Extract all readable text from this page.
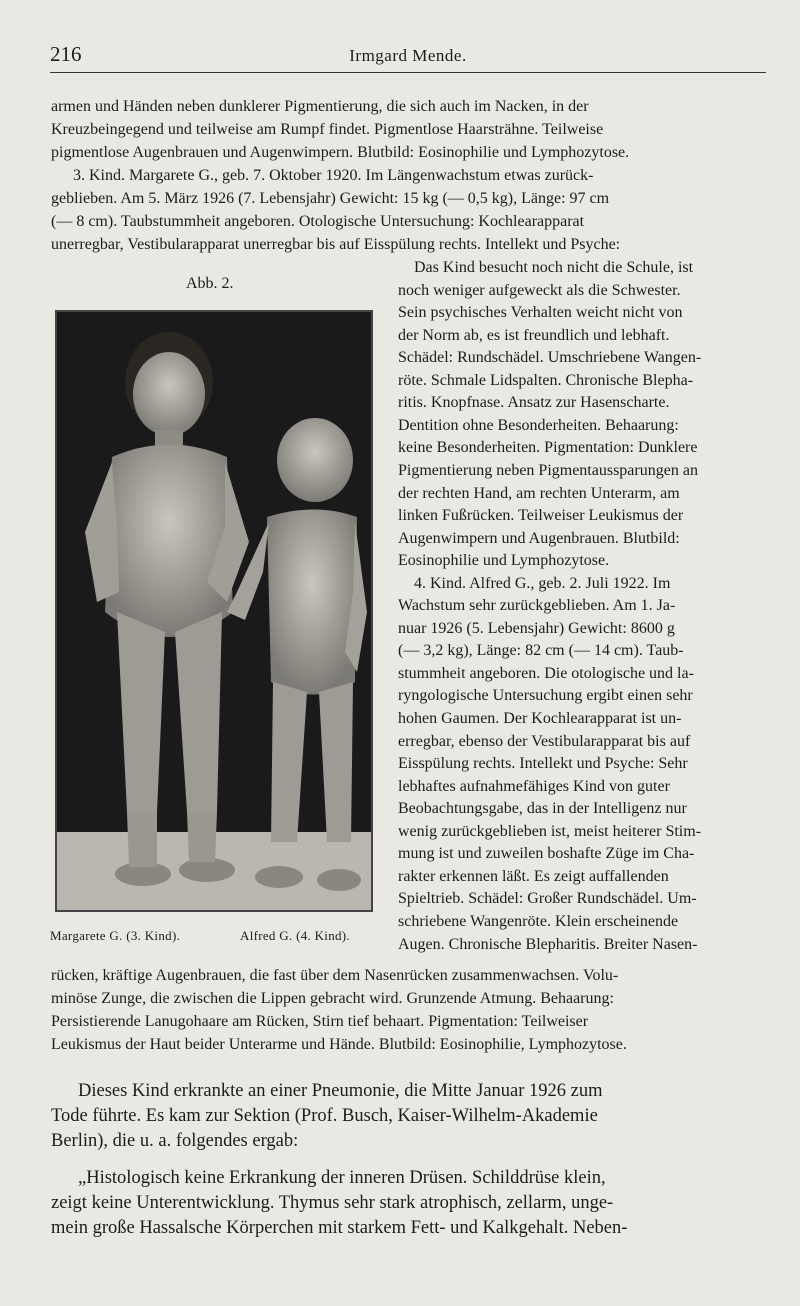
216	Irmgard Mende.
armen und Händen neben dunklerer Pigmentierung, die sich auch im Nacken, in der
Kreuzbeingegend und teilweise am Rumpf findet. Pigmentlose Haarsträhne. Teilweise
pigmentlose Augenbrauen und Augenwimpern. Blutbild: Eosinophilie und Lymphozytose.
3. Kind. Margarete G., geb. 7. Oktober 1920. Im Längenwachstum etwas zurück-
geblieben. Am 5. März 1926 (7. Lebensjahr) Gewicht: 15 kg (— 0,5 kg), Länge: 97 cm
(— 8 cm). Taubstummheit angeboren. Otologische Untersuchung: Kochlearapparat
unerregbar, Vestibularapparat unerregbar bis auf Eisspülung rechts. Intellekt und Psyche:
Abb. 2.
Margarete G. (3. Kind).	Alfred G. (4. Kind).
Das Kind besucht noch nicht die Schule, ist
noch weniger aufgeweckt als die Schwester.
Sein psychisches Verhalten weicht nicht von
der Norm ab, es ist freundlich und lebhaft.
Schädel: Rundschädel. Umschriebene Wangen-
röte. Schmale Lidspalten. Chronische Blepha-
ritis. Knopfnase. Ansatz zur Hasenscharte.
Dentition ohne Besonderheiten. Behaarung:
keine Besonderheiten. Pigmentation: Dunklere
Pigmentierung neben Pigmentaussparungen an
der rechten Hand, am rechten Unterarm, am
linken Fußrücken. Teilweiser Leukismus der
Augenwimpern und Augenbrauen. Blutbild:
Eosinophilie und Lymphozytose.
4. Kind. Alfred G., geb. 2. Juli 1922. Im
Wachstum sehr zurückgeblieben. Am 1. Ja-
nuar 1926 (5. Lebensjahr) Gewicht: 8600 g
(— 3,2 kg), Länge: 82 cm (— 14 cm). Taub-
stummheit angeboren. Die otologische und la-
ryngologische Untersuchung ergibt einen sehr
hohen Gaumen. Der Kochlearapparat ist un-
erregbar, ebenso der Vestibularapparat bis auf
Eisspülung rechts. Intellekt und Psyche: Sehr
lebhaftes aufnahmefähiges Kind von guter
Beobachtungsgabe, das in der Intelligenz nur
wenig zurückgeblieben ist, meist heiterer Stim-
mung ist und zuweilen boshafte Züge im Cha-
rakter erkennen läßt. Es zeigt auffallenden
Spieltrieb. Schädel: Großer Rundschädel. Um-
schriebene Wangenröte. Klein erscheinende
Augen. Chronische Blepharitis. Breiter Nasen-
rücken, kräftige Augenbrauen, die fast über dem Nasenrücken zusammenwachsen. Volu-
minöse Zunge, die zwischen die Lippen gebracht wird. Grunzende Atmung. Behaarung:
Persistierende Lanugohaare am Rücken, Stirn tief behaart. Pigmentation: Teilweiser
Leukismus der Haut beider Unterarme und Hände. Blutbild: Eosinophilie, Lymphozytose.
Dieses Kind erkrankte an einer Pneumonie, die Mitte Januar 1926 zum
Tode führte. Es kam zur Sektion (Prof. Busch, Kaiser-Wilhelm-Akademie
Berlin), die u. a. folgendes ergab:
„Histologisch keine Erkrankung der inneren Drüsen. Schilddrüse klein,
zeigt keine Unterentwicklung. Thymus sehr stark atrophisch, zellarm, unge-
mein große Hassalsche Körperchen mit starkem Fett- und Kalkgehalt. Neben-
